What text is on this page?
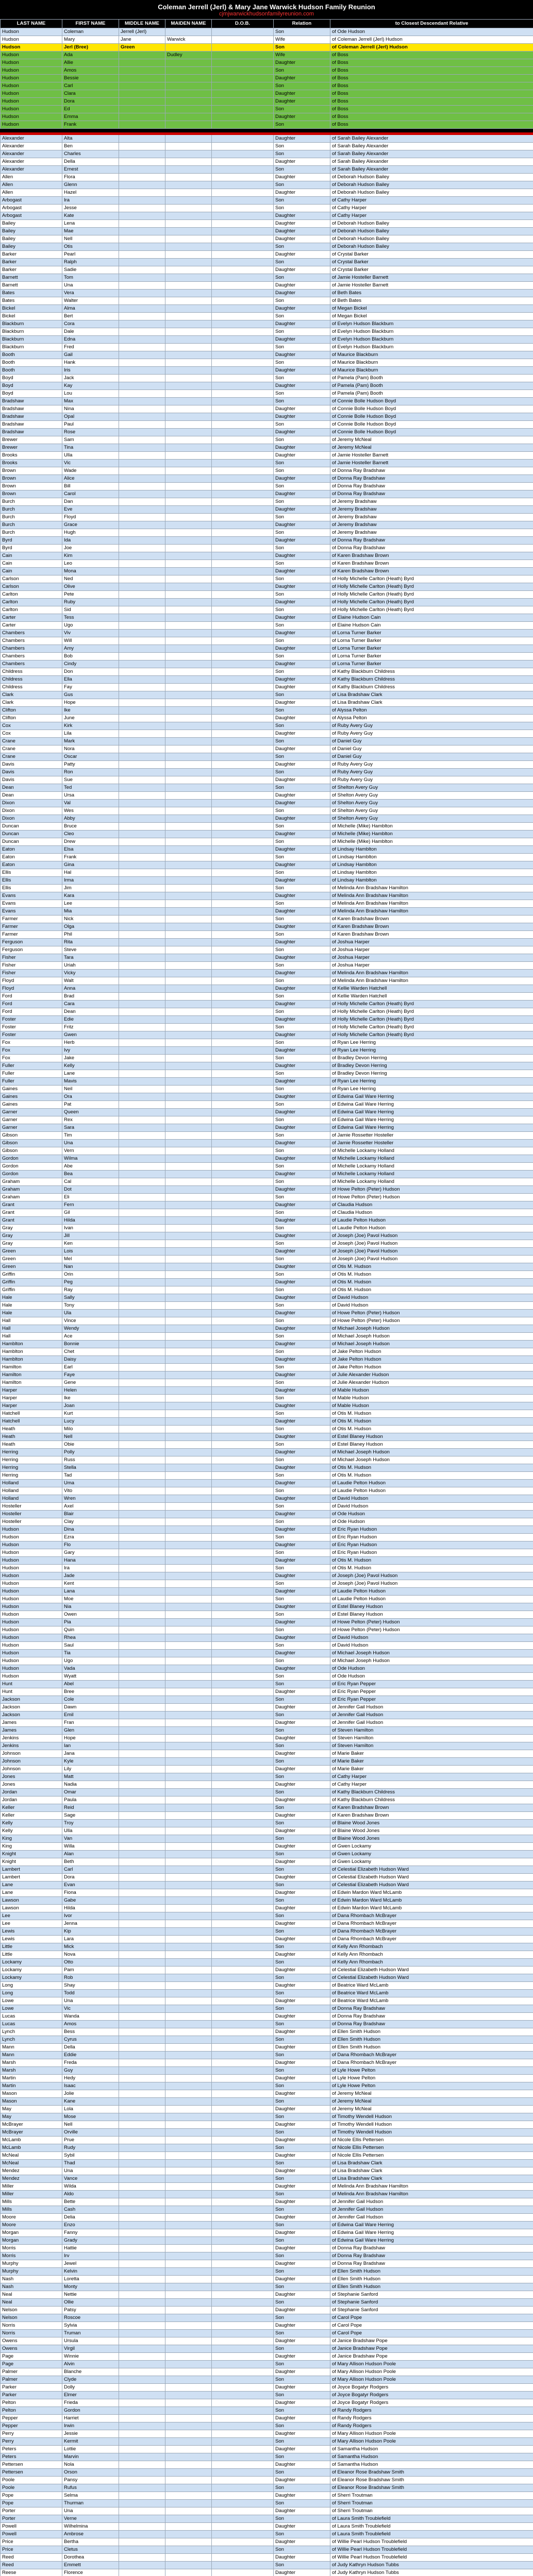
Coleman Jerrell (Jerl) & Mary Jane Warwick Hudson Family Reunion
cjmjwarwickhudsonfamilyreunion.com
LAST NAME	FIRST NAME	MIDDLE NAME	MAIDEN NAME	D.O.B.	Relation	to Closest Descendant Relative
Hudson	Coleman	Jerrell (Jerl)			Son	of Ode Hudson
Hudson	Mary	Jane	Warwick		Wife	of Coleman Jerrell (Jerl) Hudson
Hudson	Jerl (Bree)	Green			Son	of Coleman Jerrell (Jerl) Hudson
Hudson	Ada		Dudley		Wife	of Boss
Hudson	Allie				Daughter	of Boss
Hudson	Amos				Son	of Boss
Hudson	Bessie				Daughter	of Boss
Hudson	Carl				Son	of Boss
Hudson	Clara				Daughter	of Boss
Hudson	Dora				Daughter	of Boss
Hudson	Ed				Son	of Boss
Hudson	Emma				Daughter	of Boss
Hudson	Frank				Son	of Boss

Alexander	Alta				Daughter	of Sarah Bailey Alexander
Alexander	Ben				Son	of Sarah Bailey Alexander
Alexander	Charles				Son	of Sarah Bailey Alexander
Alexander	Della				Daughter	of Sarah Bailey Alexander
Alexander	Ernest				Son	of Sarah Bailey Alexander
Allen	Flora				Daughter	of Deborah Hudson Bailey
Allen	Glenn				Son	of Deborah Hudson Bailey
Allen	Hazel				Daughter	of Deborah Hudson Bailey
Arbogast	Ira				Son	of Cathy Harper
Arbogast	Jesse				Son	of Cathy Harper
Arbogast	Kate				Daughter	of Cathy Harper
Bailey	Lena				Daughter	of Deborah Hudson Bailey
Bailey	Mae				Daughter	of Deborah Hudson Bailey
Bailey	Nell				Daughter	of Deborah Hudson Bailey
Bailey	Otis				Son	of Deborah Hudson Bailey
Barker	Pearl				Daughter	of Crystal Barker
Barker	Ralph				Son	of Crystal Barker
Barker	Sadie				Daughter	of Crystal Barker
Barnett	Tom				Son	of Jamie Hosteller Barnett
Barnett	Una				Daughter	of Jamie Hosteller Barnett
Bates	Vera				Daughter	of Beth Bates
Bates	Walter				Son	of Beth Bates
Bickel	Alma				Daughter	of Megan Bickel
Bickel	Bert				Son	of Megan Bickel
Blackburn	Cora				Daughter	of Evelyn Hudson Blackburn
Blackburn	Dale				Son	of Evelyn Hudson Blackburn
Blackburn	Edna				Daughter	of Evelyn Hudson Blackburn
Blackburn	Fred				Son	of Evelyn Hudson Blackburn
Booth	Gail				Daughter	of Maurice Blackburn
Booth	Hank				Son	of Maurice Blackburn
Booth	Iris				Daughter	of Maurice Blackburn
Boyd	Jack				Son	of Pamela (Pam) Booth
Boyd	Kay				Daughter	of Pamela (Pam) Booth
Boyd	Lou				Son	of Pamela (Pam) Booth
Bradshaw	Max				Son	of Connie Bolle Hudson Boyd
Bradshaw	Nina				Daughter	of Connie Bolle Hudson Boyd
Bradshaw	Opal				Daughter	of Connie Bolle Hudson Boyd
Bradshaw	Paul				Son	of Connie Bolle Hudson Boyd
Bradshaw	Rose				Daughter	of Connie Bolle Hudson Boyd
Brewer	Sam				Son	of Jeremy McNeal
Brewer	Tina				Daughter	of Jeremy McNeal
Brooks	Ulla				Daughter	of Jamie Hosteller Barnett
Brooks	Vic				Son	of Jamie Hosteller Barnett
Brown	Wade				Son	of Donna Ray Bradshaw
Brown	Alice				Daughter	of Donna Ray Bradshaw
Brown	Bill				Son	of Donna Ray Bradshaw
Brown	Carol				Daughter	of Donna Ray Bradshaw
Burch	Dan				Son	of Jeremy Bradshaw
Burch	Eve				Daughter	of Jeremy Bradshaw
Burch	Floyd				Son	of Jeremy Bradshaw
Burch	Grace				Daughter	of Jeremy Bradshaw
Burch	Hugh				Son	of Jeremy Bradshaw
Byrd	Ida				Daughter	of Donna Ray Bradshaw
Byrd	Joe				Son	of Donna Ray Bradshaw
Cain	Kim				Daughter	of Karen Bradshaw Brown
Cain	Leo				Son	of Karen Bradshaw Brown
Cain	Mona				Daughter	of Karen Bradshaw Brown
Carlson	Ned				Son	of Holly Michelle Carlton (Heath) Byrd
Carlson	Olive				Daughter	of Holly Michelle Carlton (Heath) Byrd
Carlton	Pete				Son	of Holly Michelle Carlton (Heath) Byrd
Carlton	Ruby				Daughter	of Holly Michelle Carlton (Heath) Byrd
Carlton	Sid				Son	of Holly Michelle Carlton (Heath) Byrd
Carter	Tess				Daughter	of Elaine Hudson Cain
Carter	Ugo				Son	of Elaine Hudson Cain
Chambers	Viv				Daughter	of Lorna Turner Barker
Chambers	Will				Son	of Lorna Turner Barker
Chambers	Amy				Daughter	of Lorna Turner Barker
Chambers	Bob				Son	of Lorna Turner Barker
Chambers	Cindy				Daughter	of Lorna Turner Barker
Childress	Don				Son	of Kathy Blackburn Childress
Childress	Ella				Daughter	of Kathy Blackburn Childress
Childress	Fay				Daughter	of Kathy Blackburn Childress
Clark	Gus				Son	of Lisa Bradshaw Clark
Clark	Hope				Daughter	of Lisa Bradshaw Clark
Clifton	Ike				Son	of Alyssa Pelton
Clifton	June				Daughter	of Alyssa Pelton
Cox	Kirk				Son	of Ruby Avery Guy
Cox	Lila				Daughter	of Ruby Avery Guy
Crane	Mark				Son	of Daniel Guy
Crane	Nora				Daughter	of Daniel Guy
Crane	Oscar				Son	of Daniel Guy
Davis	Patty				Daughter	of Ruby Avery Guy
Davis	Ron				Son	of Ruby Avery Guy
Davis	Sue				Daughter	of Ruby Avery Guy
Dean	Ted				Son	of Shelton Avery Guy
Dean	Ursa				Daughter	of Shelton Avery Guy
Dixon	Val				Daughter	of Shelton Avery Guy
Dixon	Wes				Son	of Shelton Avery Guy
Dixon	Abby				Daughter	of Shelton Avery Guy
Duncan	Bruce				Son	of Michelle (Mike) Hamblton
Duncan	Cleo				Daughter	of Michelle (Mike) Hamblton
Duncan	Drew				Son	of Michelle (Mike) Hamblton
Eaton	Elsa				Daughter	of Lindsay Hamblton
Eaton	Frank				Son	of Lindsay Hamblton
Eaton	Gina				Daughter	of Lindsay Hamblton
Ellis	Hal				Son	of Lindsay Hamblton
Ellis	Irma				Daughter	of Lindsay Hamblton
Ellis	Jim				Son	of Melinda Ann Bradshaw Hamilton
Evans	Kara				Daughter	of Melinda Ann Bradshaw Hamilton
Evans	Lee				Son	of Melinda Ann Bradshaw Hamilton
Evans	Mia				Daughter	of Melinda Ann Bradshaw Hamilton
Farmer	Nick				Son	of Karen Bradshaw Brown
Farmer	Olga				Daughter	of Karen Bradshaw Brown
Farmer	Phil				Son	of Karen Bradshaw Brown
Ferguson	Rita				Daughter	of Joshua Harper
Ferguson	Steve				Son	of Joshua Harper
Fisher	Tara				Daughter	of Joshua Harper
Fisher	Uriah				Son	of Joshua Harper
Fisher	Vicky				Daughter	of Melinda Ann Bradshaw Hamilton
Floyd	Walt				Son	of Melinda Ann Bradshaw Hamilton
Floyd	Anna				Daughter	of Kellie Warden Hatchell
Ford	Brad				Son	of Kellie Warden Hatchell
Ford	Cara				Daughter	of Holly Michelle Carlton (Heath) Byrd
Ford	Dean				Son	of Holly Michelle Carlton (Heath) Byrd
Foster	Edie				Daughter	of Holly Michelle Carlton (Heath) Byrd
Foster	Fritz				Son	of Holly Michelle Carlton (Heath) Byrd
Foster	Gwen				Daughter	of Holly Michelle Carlton (Heath) Byrd
Fox	Herb				Son	of Ryan Lee Herring
Fox	Ivy				Daughter	of Ryan Lee Herring
Fox	Jake				Son	of Bradley Devon Herring
Fuller	Kelly				Daughter	of Bradley Devon Herring
Fuller	Lane				Son	of Bradley Devon Herring
Fuller	Mavis				Daughter	of Ryan Lee Herring
Gaines	Neil				Son	of Ryan Lee Herring
Gaines	Ora				Daughter	of Edwina Gail Ware Herring
Gaines	Pat				Son	of Edwina Gail Ware Herring
Garner	Queen				Daughter	of Edwina Gail Ware Herring
Garner	Rex				Son	of Edwina Gail Ware Herring
Garner	Sara				Daughter	of Edwina Gail Ware Herring
Gibson	Tim				Son	of Jamie Rossetter Hosteller
Gibson	Una				Daughter	of Jamie Rossetter Hosteller
Gibson	Vern				Son	of Michelle Lockamy Holland
Gordon	Wilma				Daughter	of Michelle Lockamy Holland
Gordon	Abe				Son	of Michelle Lockamy Holland
Gordon	Bea				Daughter	of Michelle Lockamy Holland
Graham	Cal				Son	of Michelle Lockamy Holland
Graham	Dot				Daughter	of Howe Pelton (Peter) Hudson
Graham	Eli				Son	of Howe Pelton (Peter) Hudson
Grant	Fern				Daughter	of Claudia Hudson
Grant	Gil				Son	of Claudia Hudson
Grant	Hilda				Daughter	of Laudie Pelton Hudson
Gray	Ivan				Son	of Laudie Pelton Hudson
Gray	Jill				Daughter	of Joseph (Joe) Pavol Hudson
Gray	Ken				Son	of Joseph (Joe) Pavol Hudson
Green	Lois				Daughter	of Joseph (Joe) Pavol Hudson
Green	Mel				Son	of Joseph (Joe) Pavol Hudson
Green	Nan				Daughter	of Otis M. Hudson
Griffin	Orin				Son	of Otis M. Hudson
Griffin	Peg				Daughter	of Otis M. Hudson
Griffin	Ray				Son	of Otis M. Hudson
Hale	Sally				Daughter	of David Hudson
Hale	Tony				Son	of David Hudson
Hale	Ula				Daughter	of Howe Pelton (Peter) Hudson
Hall	Vince				Son	of Howe Pelton (Peter) Hudson
Hall	Wendy				Daughter	of Michael Joseph Hudson
Hall	Ace				Son	of Michael Joseph Hudson
Hamblton	Bonnie				Daughter	of Michael Joseph Hudson
Hamblton	Chet				Son	of Jake Pelton Hudson
Hamblton	Daisy				Daughter	of Jake Pelton Hudson
Hamilton	Earl				Son	of Jake Pelton Hudson
Hamilton	Faye				Daughter	of Julie Alexander Hudson
Hamilton	Gene				Son	of Julie Alexander Hudson
Harper	Helen				Daughter	of Mable Hudson
Harper	Ike				Son	of Mable Hudson
Harper	Joan				Daughter	of Mable Hudson
Hatchell	Kurt				Son	of Otis M. Hudson
Hatchell	Lucy				Daughter	of Otis M. Hudson
Heath	Milo				Son	of Otis M. Hudson
Heath	Nell				Daughter	of Estel Blaney Hudson
Heath	Obie				Son	of Estel Blaney Hudson
Herring	Polly				Daughter	of Michael Joseph Hudson
Herring	Russ				Son	of Michael Joseph Hudson
Herring	Stella				Daughter	of Otis M. Hudson
Herring	Tad				Son	of Otis M. Hudson
Holland	Uma				Daughter	of Laudie Pelton Hudson
Holland	Vito				Son	of Laudie Pelton Hudson
Holland	Wren				Daughter	of David Hudson
Hosteller	Axel				Son	of David Hudson
Hosteller	Blair				Daughter	of Ode Hudson
Hosteller	Clay				Son	of Ode Hudson
Hudson	Dina				Daughter	of Eric Ryan Hudson
Hudson	Ezra				Son	of Eric Ryan Hudson
Hudson	Flo				Daughter	of Eric Ryan Hudson
Hudson	Gary				Son	of Eric Ryan Hudson
Hudson	Hana				Daughter	of Otis M. Hudson
Hudson	Ira				Son	of Otis M. Hudson
Hudson	Jade				Daughter	of Joseph (Joe) Pavol Hudson
Hudson	Kent				Son	of Joseph (Joe) Pavol Hudson
Hudson	Lana				Daughter	of Laudie Pelton Hudson
Hudson	Moe				Son	of Laudie Pelton Hudson
Hudson	Nia				Daughter	of Estel Blaney Hudson
Hudson	Owen				Son	of Estel Blaney Hudson
Hudson	Pia				Daughter	of Howe Pelton (Peter) Hudson
Hudson	Quin				Son	of Howe Pelton (Peter) Hudson
Hudson	Rhea				Daughter	of David Hudson
Hudson	Saul				Son	of David Hudson
Hudson	Tia				Daughter	of Michael Joseph Hudson
Hudson	Ugo				Son	of Michael Joseph Hudson
Hudson	Vada				Daughter	of Ode Hudson
Hudson	Wyatt				Son	of Ode Hudson
Hunt	Abel				Son	of Eric Ryan Pepper
Hunt	Bree				Daughter	of Eric Ryan Pepper
Jackson	Cole				Son	of Eric Ryan Pepper
Jackson	Dawn				Daughter	of Jennifer Gail Hudson
Jackson	Emil				Son	of Jennifer Gail Hudson
James	Fran				Daughter	of Jennifer Gail Hudson
James	Glen				Son	of Steven Hamilton
Jenkins	Hope				Daughter	of Steven Hamilton
Jenkins	Ian				Son	of Steven Hamilton
Johnson	Jana				Daughter	of Marie Baker
Johnson	Kyle				Son	of Marie Baker
Johnson	Lily				Daughter	of Marie Baker
Jones	Matt				Son	of Cathy Harper
Jones	Nadia				Daughter	of Cathy Harper
Jordan	Omar				Son	of Kathy Blackburn Childress
Jordan	Paula				Daughter	of Kathy Blackburn Childress
Keller	Reid				Son	of Karen Bradshaw Brown
Keller	Sage				Daughter	of Karen Bradshaw Brown
Kelly	Troy				Son	of Blaine Wood Jones
Kelly	Ulla				Daughter	of Blaine Wood Jones
King	Van				Son	of Blaine Wood Jones
King	Willa				Daughter	of Gwen Lockamy
Knight	Alan				Son	of Gwen Lockamy
Knight	Beth				Daughter	of Gwen Lockamy
Lambert	Carl				Son	of Celestial Elizabeth Hudson Ward
Lambert	Dora				Daughter	of Celestial Elizabeth Hudson Ward
Lane	Evan				Son	of Celestial Elizabeth Hudson Ward
Lane	Fiona				Daughter	of Edwin Mardon Ward McLamb
Lawson	Gabe				Son	of Edwin Mardon Ward McLamb
Lawson	Hilda				Daughter	of Edwin Mardon Ward McLamb
Lee	Ivor				Son	of Dana Rhombach McBrayer
Lee	Jenna				Daughter	of Dana Rhombach McBrayer
Lewis	Kip				Son	of Dana Rhombach McBrayer
Lewis	Lara				Daughter	of Dana Rhombach McBrayer
Little	Mick				Son	of Kelly Ann Rhombach
Little	Nova				Daughter	of Kelly Ann Rhombach
Lockamy	Otto				Son	of Kelly Ann Rhombach
Lockamy	Pam				Daughter	of Celestial Elizabeth Hudson Ward
Lockamy	Rob				Son	of Celestial Elizabeth Hudson Ward
Long	Shay				Daughter	of Beatrice Ward McLamb
Long	Todd				Son	of Beatrice Ward McLamb
Lowe	Una				Daughter	of Beatrice Ward McLamb
Lowe	Vic				Son	of Donna Ray Bradshaw
Lucas	Wanda				Daughter	of Donna Ray Bradshaw
Lucas	Amos				Son	of Donna Ray Bradshaw
Lynch	Bess				Daughter	of Ellen Smith Hudson
Lynch	Cyrus				Son	of Ellen Smith Hudson
Mann	Della				Daughter	of Ellen Smith Hudson
Mann	Eddie				Son	of Dana Rhombach McBrayer
Marsh	Freda				Daughter	of Dana Rhombach McBrayer
Marsh	Guy				Son	of Lyle Howe Pelton
Martin	Hedy				Daughter	of Lyle Howe Pelton
Martin	Isaac				Son	of Lyle Howe Pelton
Mason	Jolie				Daughter	of Jeremy McNeal
Mason	Kane				Son	of Jeremy McNeal
May	Lola				Daughter	of Jeremy McNeal
May	Mose				Son	of Timothy Wendell Hudson
McBrayer	Nell				Daughter	of Timothy Wendell Hudson
McBrayer	Orville				Son	of Timothy Wendell Hudson
McLamb	Prue				Daughter	of Nicole Ellis Pettersen
McLamb	Rudy				Son	of Nicole Ellis Pettersen
McNeal	Sybil				Daughter	of Nicole Ellis Pettersen
McNeal	Thad				Son	of Lisa Bradshaw Clark
Mendez	Una				Daughter	of Lisa Bradshaw Clark
Mendez	Vance				Son	of Lisa Bradshaw Clark
Miller	Wilda				Daughter	of Melinda Ann Bradshaw Hamilton
Miller	Aldo				Son	of Melinda Ann Bradshaw Hamilton
Mills	Bette				Daughter	of Jennifer Gail Hudson
Mills	Cash				Son	of Jennifer Gail Hudson
Moore	Delia				Daughter	of Jennifer Gail Hudson
Moore	Enzo				Son	of Edwina Gail Ware Herring
Morgan	Fanny				Daughter	of Edwina Gail Ware Herring
Morgan	Grady				Son	of Edwina Gail Ware Herring
Morris	Hattie				Daughter	of Donna Ray Bradshaw
Morris	Irv				Son	of Donna Ray Bradshaw
Murphy	Jewel				Daughter	of Donna Ray Bradshaw
Murphy	Kelvin				Son	of Ellen Smith Hudson
Nash	Loretta				Daughter	of Ellen Smith Hudson
Nash	Monty				Son	of Ellen Smith Hudson
Neal	Nettie				Daughter	of Stephanie Sanford
Neal	Ollie				Son	of Stephanie Sanford
Nelson	Patsy				Daughter	of Stephanie Sanford
Nelson	Roscoe				Son	of Carol Pope
Norris	Sylvia				Daughter	of Carol Pope
Norris	Truman				Son	of Carol Pope
Owens	Ursula				Daughter	of Janice Bradshaw Pope
Owens	Virgil				Son	of Janice Bradshaw Pope
Page	Winnie				Daughter	of Janice Bradshaw Pope
Page	Alvin				Son	of Mary Allison Hudson Poole
Palmer	Blanche				Daughter	of Mary Allison Hudson Poole
Palmer	Clyde				Son	of Mary Allison Hudson Poole
Parker	Dolly				Daughter	of Joyce Bogatyr Rodgers
Parker	Elmer				Son	of Joyce Bogatyr Rodgers
Pelton	Frieda				Daughter	of Joyce Bogatyr Rodgers
Pelton	Gordon				Son	of Randy Rodgers
Pepper	Harriet				Daughter	of Randy Rodgers
Pepper	Irwin				Son	of Randy Rodgers
Perry	Jessie				Daughter	of Mary Allison Hudson Poole
Perry	Kermit				Son	of Mary Allison Hudson Poole
Peters	Lottie				Daughter	of Samantha Hudson
Peters	Marvin				Son	of Samantha Hudson
Pettersen	Nola				Daughter	of Samantha Hudson
Pettersen	Orson				Son	of Eleanor Rose Bradshaw Smith
Poole	Pansy				Daughter	of Eleanor Rose Bradshaw Smith
Poole	Rufus				Son	of Eleanor Rose Bradshaw Smith
Pope	Selma				Daughter	of Sherri Troutman
Pope	Thurman				Son	of Sherri Troutman
Porter	Una				Daughter	of Sherri Troutman
Porter	Verne				Son	of Laura Smith Troublefield
Powell	Wilhelmina				Daughter	of Laura Smith Troublefield
Powell	Ambrose				Son	of Laura Smith Troublefield
Price	Bertha				Daughter	of Willie Pearl Hudson Troublefield
Price	Cletus				Son	of Willie Pearl Hudson Troublefield
Reed	Dorothea				Daughter	of Willie Pearl Hudson Troublefield
Reed	Emmett				Son	of Judy Kathryn Hudson Tubbs
Reese	Florence				Daughter	of Judy Kathryn Hudson Tubbs
